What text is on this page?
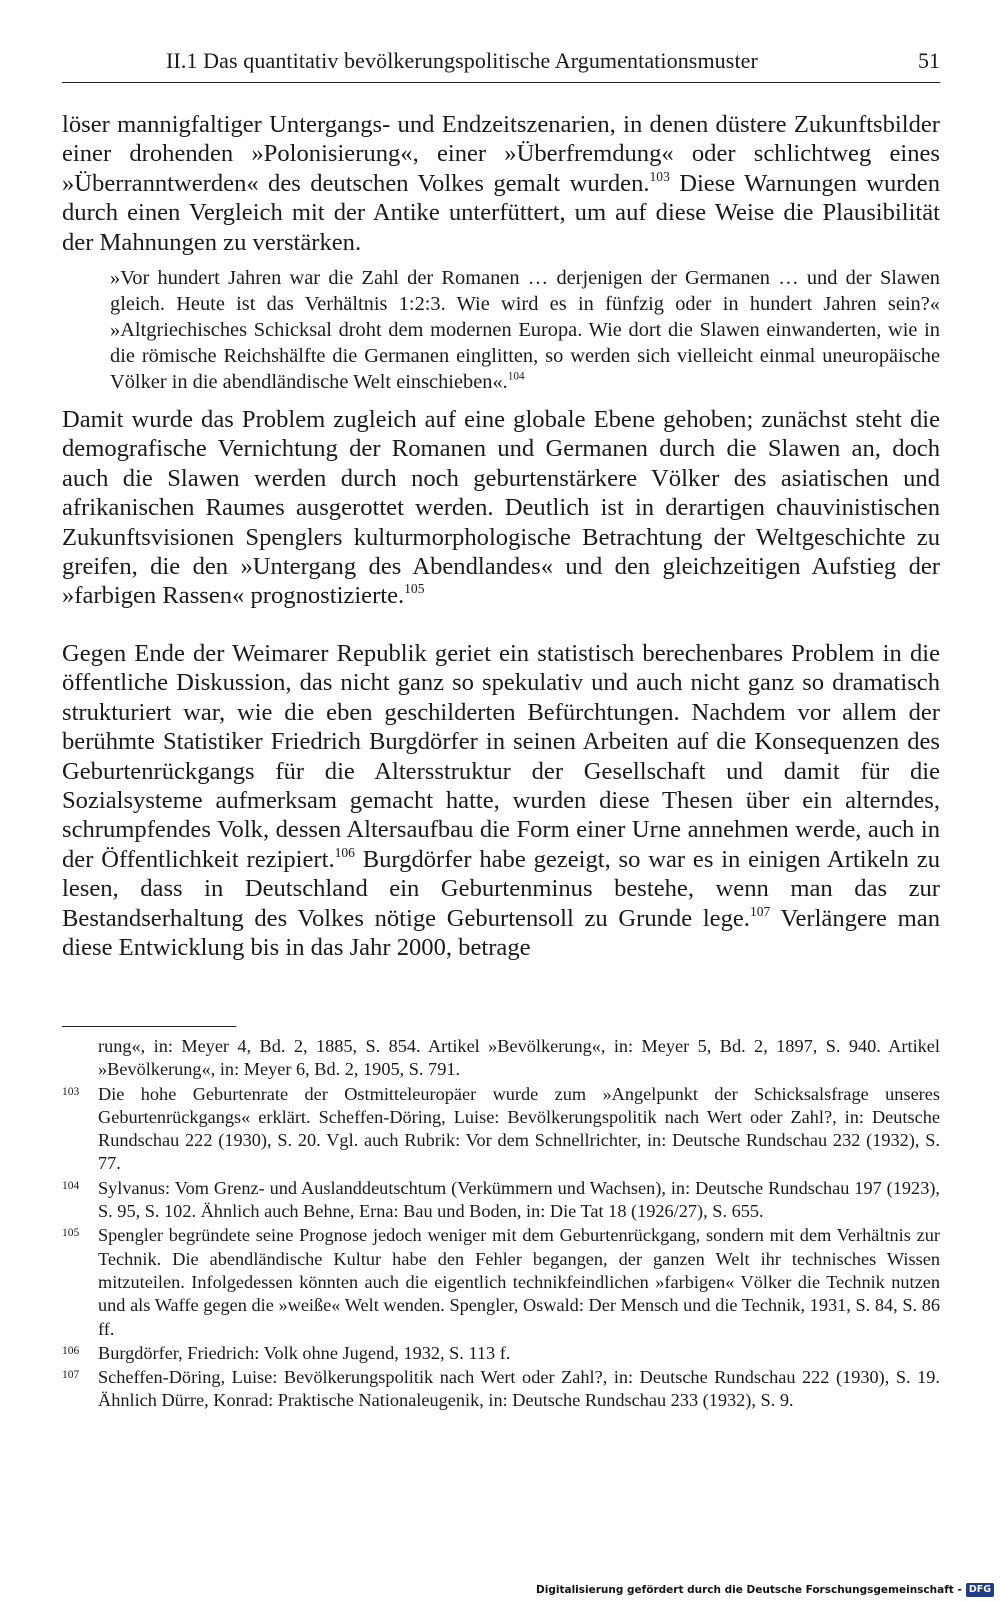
II.1 Das quantitativ bevölkerungspolitische Argumentationsmuster	51

löser mannigfaltiger Untergangs- und Endzeitszenarien, in denen düstere Zukunftsbilder einer drohenden »Polonisierung«, einer »Überfremdung« oder schlichtweg eines »Überranntwerden« des deutschen Volkes gemalt wurden.$^{103}$ Diese Warnungen wurden durch einen Vergleich mit der Antike unterfüttert, um auf diese Weise die Plausibilität der Mahnungen zu verstärken.

»Vor hundert Jahren war die Zahl der Romanen … derjenigen der Germanen … und der Slawen gleich. Heute ist das Verhältnis 1:2:3. Wie wird es in fünfzig oder in hundert Jahren sein?« »Altgriechisches Schicksal droht dem modernen Europa. Wie dort die Slawen einwanderten, wie in die römische Reichshälfte die Germanen einglitten, so werden sich vielleicht einmal uneuropäische Völker in die abendländische Welt einschieben«.$^{104}$

Damit wurde das Problem zugleich auf eine globale Ebene gehoben; zunächst steht die demografische Vernichtung der Romanen und Germanen durch die Slawen an, doch auch die Slawen werden durch noch geburtenstärkere Völker des asiatischen und afrikanischen Raumes ausgerottet werden. Deutlich ist in derartigen chauvinistischen Zukunftsvisionen Spenglers kulturmorphologische Betrachtung der Weltgeschichte zu greifen, die den »Untergang des Abendlandes« und den gleichzeitigen Aufstieg der »farbigen Rassen« prognostizierte.$^{105}$

Gegen Ende der Weimarer Republik geriet ein statistisch berechenbares Problem in die öffentliche Diskussion, das nicht ganz so spekulativ und auch nicht ganz so dramatisch strukturiert war, wie die eben geschilderten Befürchtungen. Nachdem vor allem der berühmte Statistiker Friedrich Burgdörfer in seinen Arbeiten auf die Konsequenzen des Geburtenrückgangs für die Altersstruktur der Gesellschaft und damit für die Sozialsysteme aufmerksam gemacht hatte, wurden diese Thesen über ein alterndes, schrumpfendes Volk, dessen Altersaufbau die Form einer Urne annehmen werde, auch in der Öffentlichkeit rezipiert.$^{106}$ Burgdörfer habe gezeigt, so war es in einigen Artikeln zu lesen, dass in Deutschland ein Geburtenminus bestehe, wenn man das zur Bestandserhaltung des Volkes nötige Geburtensoll zu Grunde lege.$^{107}$ Verlängere man diese Entwicklung bis in das Jahr 2000, betrage

rung«, in: Meyer 4, Bd. 2, 1885, S. 854. Artikel »Bevölkerung«, in: Meyer 5, Bd. 2, 1897, S. 940. Artikel »Bevölkerung«, in: Meyer 6, Bd. 2, 1905, S. 791.

103 Die hohe Geburtenrate der Ostmitteleuropäer wurde zum »Angelpunkt der Schicksalsfrage unseres Geburtenrückgangs« erklärt. Scheffen-Döring, Luise: Bevölkerungspolitik nach Wert oder Zahl?, in: Deutsche Rundschau 222 (1930), S. 20. Vgl. auch Rubrik: Vor dem Schnellrichter, in: Deutsche Rundschau 232 (1932), S. 77.

104 Sylvanus: Vom Grenz- und Auslanddeutschtum (Verkümmern und Wachsen), in: Deutsche Rundschau 197 (1923), S. 95, S. 102. Ähnlich auch Behne, Erna: Bau und Boden, in: Die Tat 18 (1926/27), S. 655.

105 Spengler begründete seine Prognose jedoch weniger mit dem Geburtenrückgang, sondern mit dem Verhältnis zur Technik. Die abendländische Kultur habe den Fehler begangen, der ganzen Welt ihr technisches Wissen mitzuteilen. Infolgedessen könnten auch die eigentlich technikfeindlichen »farbigen« Völker die Technik nutzen und als Waffe gegen die »weiße« Welt wenden. Spengler, Oswald: Der Mensch und die Technik, 1931, S. 84, S. 86 ff.

106 Burgdörfer, Friedrich: Volk ohne Jugend, 1932, S. 113 f.

107 Scheffen-Döring, Luise: Bevölkerungspolitik nach Wert oder Zahl?, in: Deutsche Rundschau 222 (1930), S. 19. Ähnlich Dürre, Konrad: Praktische Nationaleugenik, in: Deutsche Rundschau 233 (1932), S. 9.

Digitalisierung gefördert durch die Deutsche Forschungsgemeinschaft - DFG
